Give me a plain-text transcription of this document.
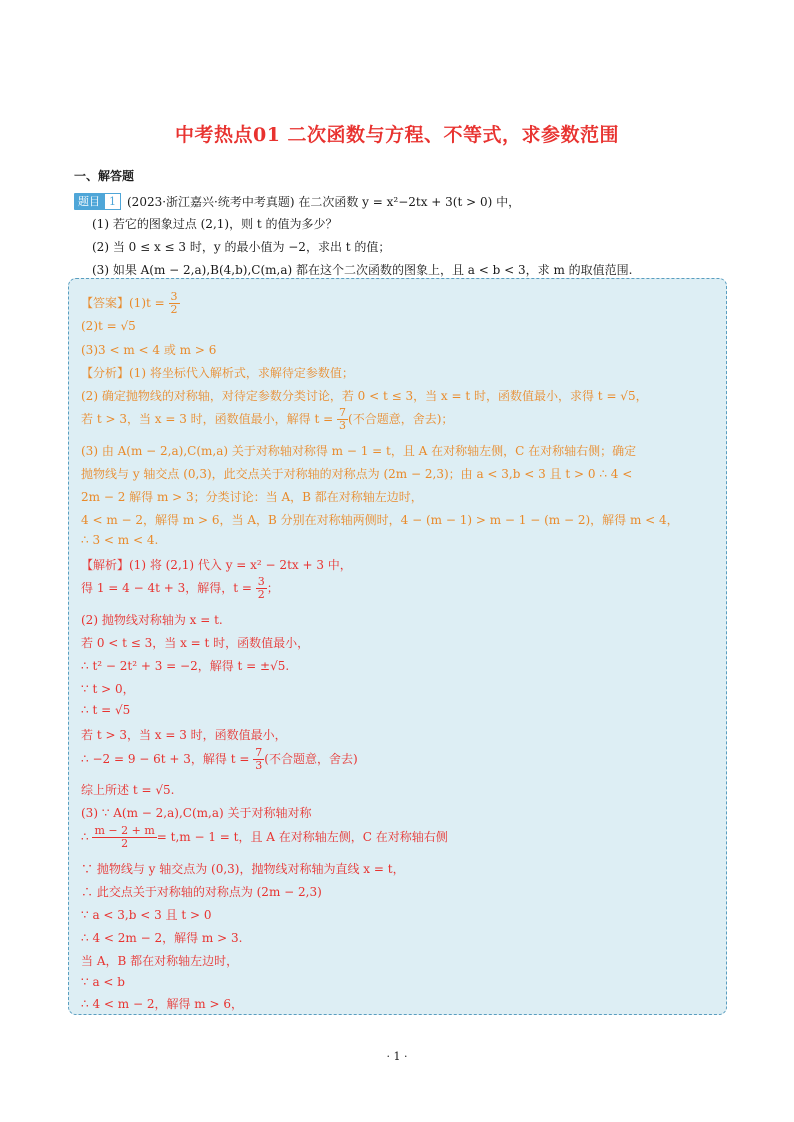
中考热点01 二次函数与方程、不等式，求参数范围
一、解答题
题目 1 (2023·浙江嘉兴·统考中考真题) 在二次函数 y = x²−2tx + 3(t > 0) 中，
(1) 若它的图象过点 (2,1)，则 t 的值为多少？
(2) 当 0 ≤ x ≤ 3 时，y 的最小值为 −2，求出 t 的值；
(3) 如果 A(m − 2,a),B(4,b),C(m,a) 都在这个二次函数的图象上，且 a < b < 3，求 m 的取值范围.
【答案】$(1)t = \frac{3}{2}$
(2)t = √5
(3)3 < m < 4 或 m > 6
【分析】(1) 将坐标代入解析式，求解待定参数值；
(2) 确定抛物线的对称轴，对待定参数分类讨论，若 0 < t ≤ 3，当 x = t 时，函数值最小，求得 t = √5，
若 t > 3，当 x = 3 时，函数值最小，解得 $t = \frac{7}{3}$ (不合题意，舍去)；
(3) 由 A(m − 2,a),C(m,a) 关于对称轴对称得 m − 1 = t，且 A 在对称轴左侧，C 在对称轴右侧；确定
抛物线与 y 轴交点 (0,3)，此交点关于对称轴的对称点为 (2m − 2,3)；由 a < 3,b < 3 且 t > 0 ∴ 4 <
2m − 2 解得 m > 3；分类讨论：当 A，B 都在对称轴左边时，
4 < m − 2，解得 m > 6，当 A，B 分别在对称轴两侧时，4 − (m − 1) > m − 1 − (m − 2)，解得 m < 4，
∴ 3 < m < 4.
【解析】(1) 将 (2,1) 代入 y = x² − 2tx + 3 中，
得 1 = 4 − 4t + 3，解得，$t = \frac{3}{2}$ ；
(2) 抛物线对称轴为 x = t.
若 0 < t ≤ 3，当 x = t 时，函数值最小，
∴ t² − 2t² + 3 = −2，解得 t = ±√5.
∵ t > 0，
∴ t = √5
若 t > 3，当 x = 3 时，函数值最小，
∴ −2 = 9 − 6t + 3，解得 $t = \frac{7}{3}$ (不合题意，舍去)
综上所述 t = √5.
(3) ∵ A(m − 2,a),C(m,a) 关于对称轴对称
∴ $\frac{m - 2 + m}{2} = t,m - 1 = t$，且 A 在对称轴左侧，C 在对称轴右侧
∵ 抛物线与 y 轴交点为 (0,3)，抛物线对称轴为直线 x = t，
∴ 此交点关于对称轴的对称点为 (2m − 2,3)
∵ a < 3,b < 3 且 t > 0
∴ 4 < 2m − 2，解得 m > 3.
当 A，B 都在对称轴左边时，
∵ a < b
∴ 4 < m − 2，解得 m > 6，
· 1 ·
